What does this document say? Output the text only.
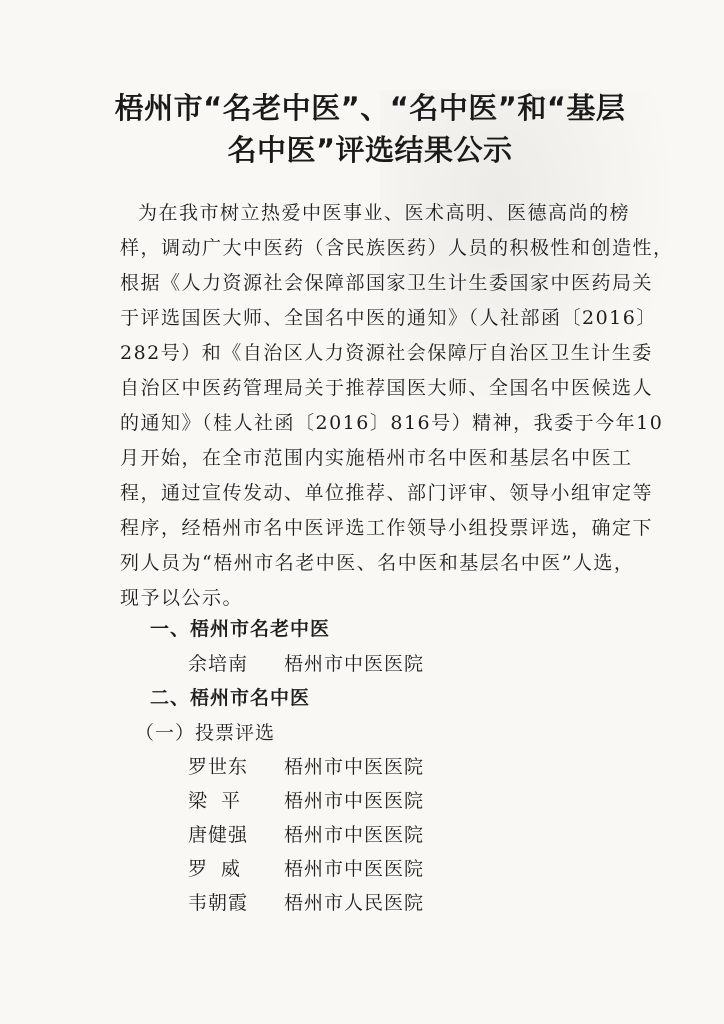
梧州市“名老中医”、“名中医”和“基层
名中医”评选结果公示
为在我市树立热爱中医事业、医术高明、医德高尚的榜
样，调动广大中医药（含民族医药）人员的积极性和创造性，
根据《人力资源社会保障部国家卫生计生委国家中医药局关
于评选国医大师、全国名中医的通知》（人社部函〔2016〕
282号）和《自治区人力资源社会保障厅自治区卫生计生委
自治区中医药管理局关于推荐国医大师、全国名中医候选人
的通知》（桂人社函〔2016〕816号）精神，我委于今年10
月开始，在全市范围内实施梧州市名中医和基层名中医工
程，通过宣传发动、单位推荐、部门评审、领导小组审定等
程序，经梧州市名中医评选工作领导小组投票评选，确定下
列人员为“梧州市名老中医、名中医和基层名中医”人选，
现予以公示。
一、梧州市名老中医
余培南 梧州市中医医院
二、梧州市名中医
（一）投票评选
罗世东 梧州市中医医院
梁平 梧州市中医医院
唐健强 梧州市中医医院
罗威 梧州市中医医院
韦朝霞 梧州市人民医院
